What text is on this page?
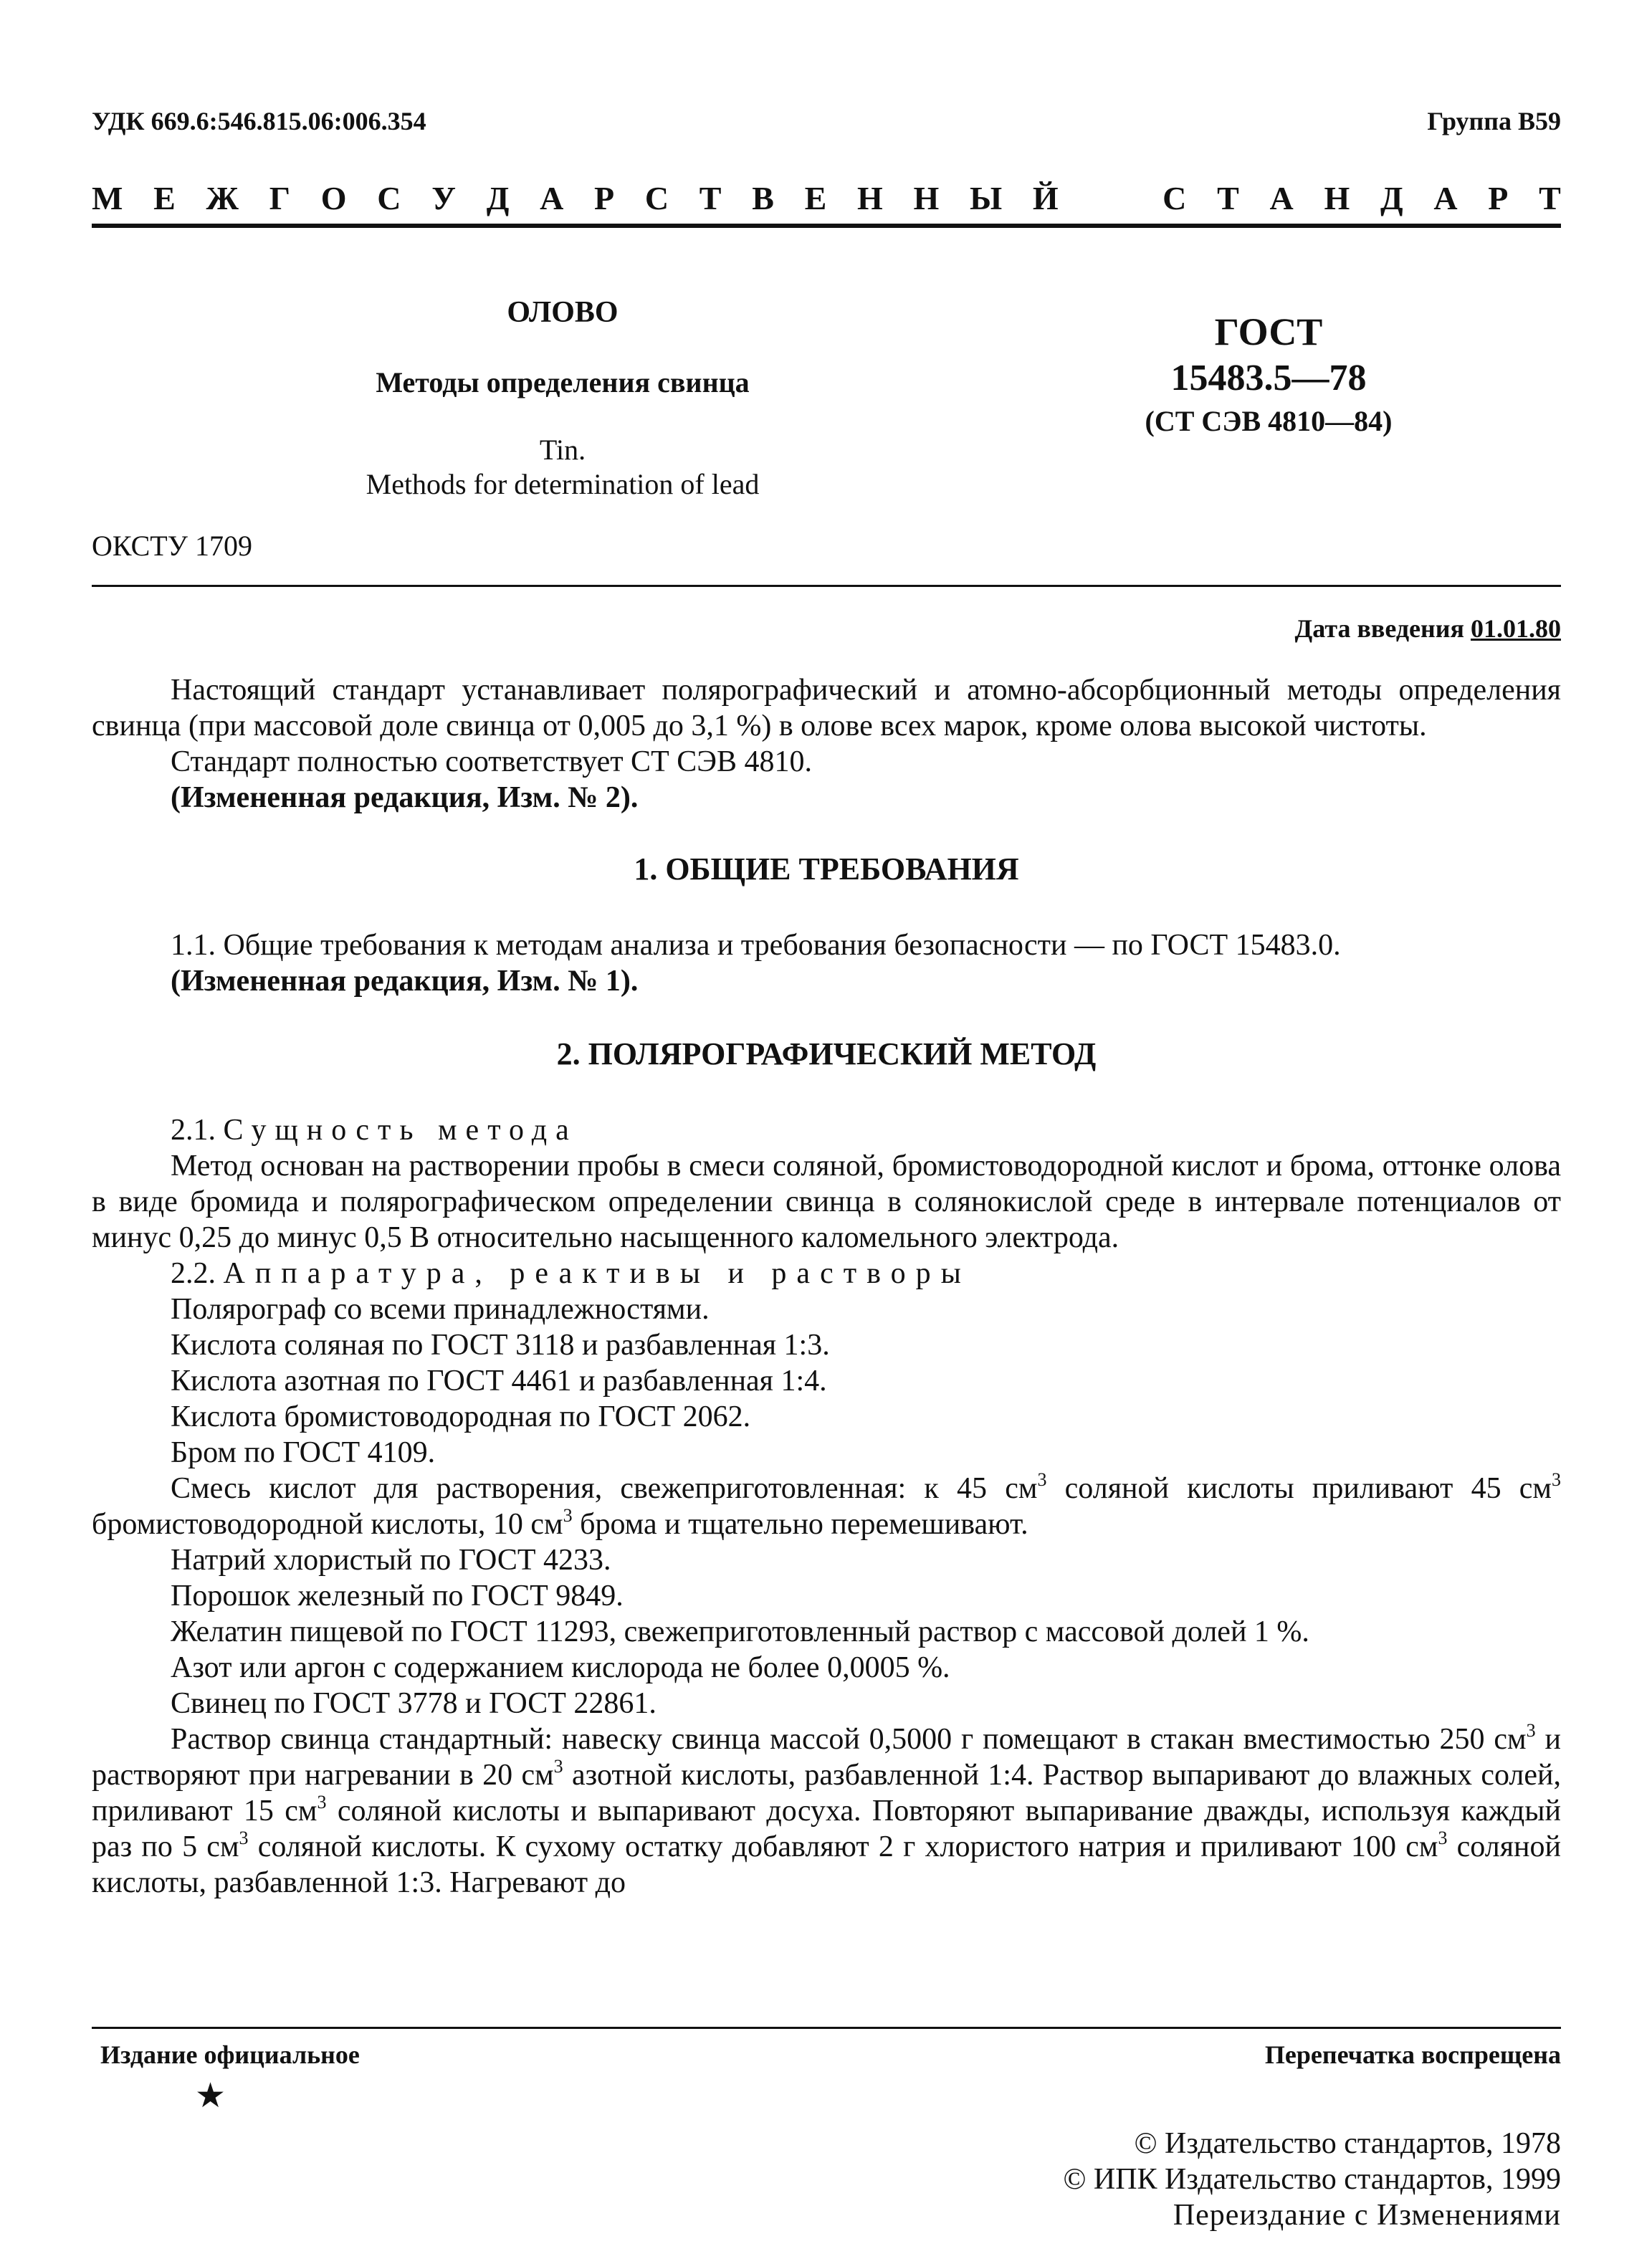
УДК 669.6:546.815.06:006.354	Группа В59
М Е Ж Г О С У Д А Р С Т В Е Н Н Ы Й	С Т А Н Д А Р Т
ОЛОВО
Методы определения свинца
Tin.
Methods for determination of lead
ГОСТ
15483.5—78
(СТ СЭВ 4810—84)
ОКСТУ 1709
Дата введения 01.01.80

Настоящий стандарт устанавливает полярографический и атомно-абсорбционный методы определения свинца (при массовой доле свинца от 0,005 до 3,1 %) в олове всех марок, кроме олова высокой чистоты.

Стандарт полностью соответствует СТ СЭВ 4810.

(Измененная редакция, Изм. № 2).

1. ОБЩИЕ ТРЕБОВАНИЯ

1.1. Общие требования к методам анализа и требования безопасности — по ГОСТ 15483.0.

(Измененная редакция, Изм. № 1).

2. ПОЛЯРОГРАФИЧЕСКИЙ МЕТОД

2.1. Сущность метода

Метод основан на растворении пробы в смеси соляной, бромистоводородной кислот и брома, оттонке олова в виде бромида и полярографическом определении свинца в солянокислой среде в интервале потенциалов от минус 0,25 до минус 0,5 В относительно насыщенного каломельного электрода.

2.2. Аппаратура, реактивы и растворы

Полярограф со всеми принадлежностями.

Кислота соляная по ГОСТ 3118 и разбавленная 1:3.

Кислота азотная по ГОСТ 4461 и разбавленная 1:4.

Кислота бромистоводородная по ГОСТ 2062.

Бром по ГОСТ 4109.

Смесь кислот для растворения, свежеприготовленная: к 45 $см^3$ соляной кислоты приливают 45 $см^3$ бромистоводородной кислоты, 10 $см^3$ брома и тщательно перемешивают.

Натрий хлористый по ГОСТ 4233.

Порошок железный по ГОСТ 9849.

Желатин пищевой по ГОСТ 11293, свежеприготовленный раствор с массовой долей 1 %.

Азот или аргон с содержанием кислорода не более 0,0005 %.

Свинец по ГОСТ 3778 и ГОСТ 22861.

Раствор свинца стандартный: навеску свинца массой 0,5000 г помещают в стакан вместимостью 250 $см^3$ и растворяют при нагревании в 20 $см^3$ азотной кислоты, разбавленной 1:4. Раствор выпаривают до влажных солей, приливают 15 $см^3$ соляной кислоты и выпаривают досуха. Повторяют выпаривание дважды, используя каждый раз по 5 $см^3$ соляной кислоты. К сухому остатку добавляют 2 г хлористого натрия и приливают 100 $см^3$ соляной кислоты, разбавленной 1:3. Нагревают до

Издание официальное
★
Перепечатка воспрещена
© Издательство стандартов, 1978
© ИПК Издательство стандартов, 1999
Переиздание с Изменениями
